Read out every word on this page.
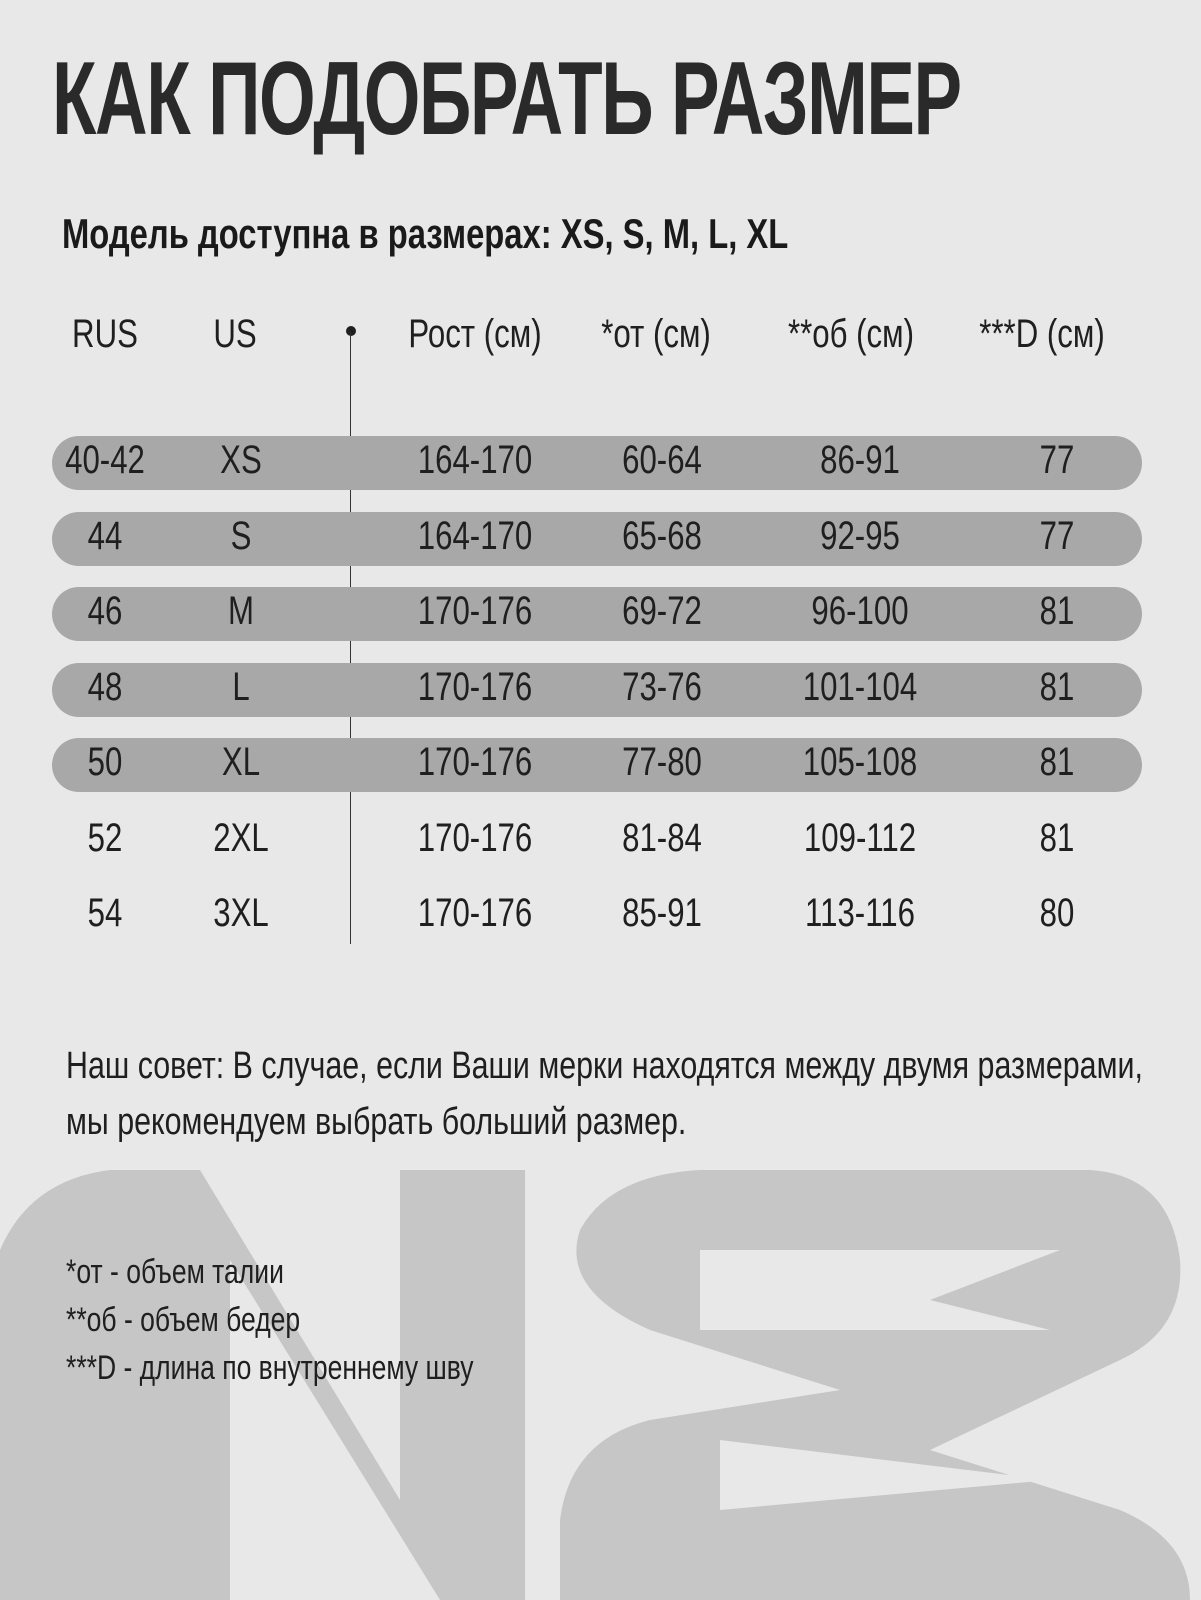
КАК ПОДОБРАТЬ РАЗМЕР
Модель доступна в размерах: XS, S, M, L, XL
RUS	US	Рост (см)	*от (см)	**об (см)	***D (см)
40-42	XS	164-170	60-64	86-91	77
44	S	164-170	65-68	92-95	77
46	M	170-176	69-72	96-100	81
48	L	170-176	73-76	101-104	81
50	XL	170-176	77-80	105-108	81
52	2XL	170-176	81-84	109-112	81
54	3XL	170-176	85-91	113-116	80
Наш совет: В случае, если Ваши мерки находятся между двумя размерами,
мы рекомендуем выбрать больший размер.
*от - объем талии
**об - объем бедер
***D - длина по внутреннему шву
